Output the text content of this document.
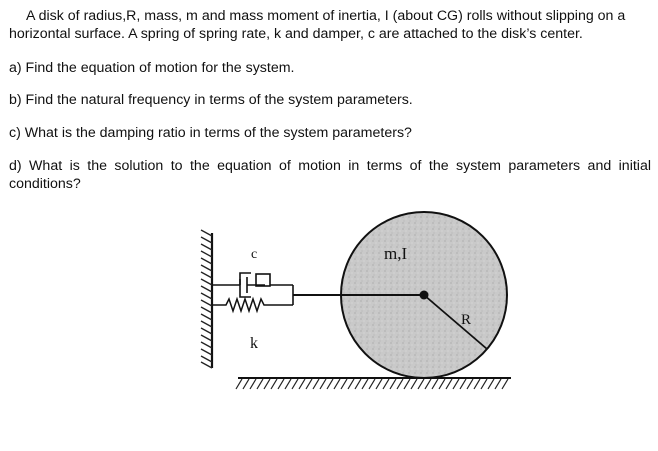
A disk of radius,R, mass, m and mass moment of inertia, I (about CG) rolls without slipping on a
horizontal surface. A spring of spring rate, k and damper, c are attached to the disk’s center.
a) Find the equation of motion for the system.
b) Find the natural frequency in terms of the system parameters.
c) What is the damping ratio in terms of the system parameters?
d) What is the solution to the equation of motion in terms of the system parameters and initial
conditions?
c
k
m,I
R
